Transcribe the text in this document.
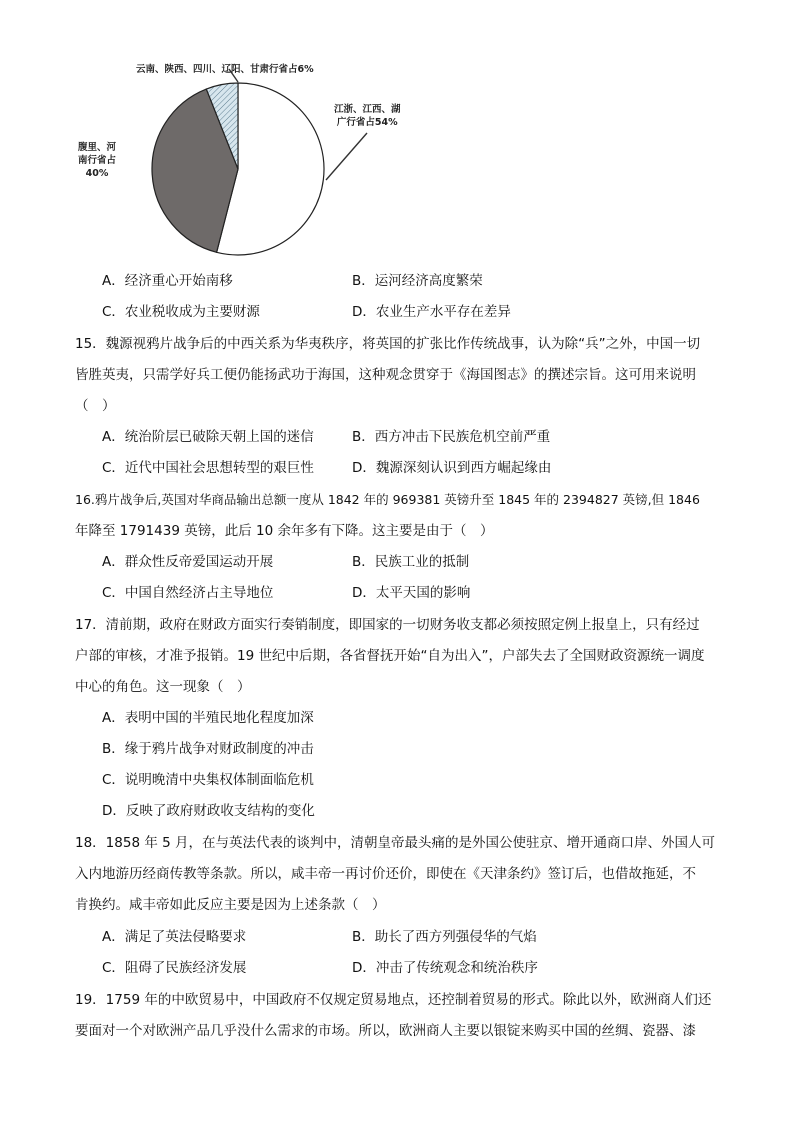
云南、陕西、四川、辽阳、甘肃行省占6%
江浙、江西、湖
广行省占54%
腹里、河
南行省占
40%
A．经济重心开始南移	B．运河经济高度繁荣
C．农业税收成为主要财源	D．农业生产水平存在差异
15．魏源视鸦片战争后的中西关系为华夷秩序，将英国的扩张比作传统战事，认为除“兵”之外，中国一切
皆胜英夷，只需学好兵工便仍能扬武功于海国，这种观念贯穿于《海国图志》的撰述宗旨。这可用来说明
（　）
A．统治阶层已破除天朝上国的迷信	B．西方冲击下民族危机空前严重
C．近代中国社会思想转型的艰巨性	D．魏源深刻认识到西方崛起缘由
16.鸦片战争后,英国对华商品输出总额一度从 1842 年的 969381 英镑升至 1845 年的 2394827 英镑,但 1846
年降至 1791439 英镑，此后 10 余年多有下降。这主要是由于（　）
A．群众性反帝爱国运动开展	B．民族工业的抵制
C．中国自然经济占主导地位	D．太平天国的影响
17．清前期，政府在财政方面实行奏销制度，即国家的一切财务收支都必须按照定例上报皇上，只有经过
户部的审核，才准予报销。19 世纪中后期，各省督抚开始“自为出入”，户部失去了全国财政资源统一调度
中心的角色。这一现象（　）
A．表明中国的半殖民地化程度加深
B．缘于鸦片战争对财政制度的冲击
C．说明晚清中央集权体制面临危机
D．反映了政府财政收支结构的变化
18．1858 年 5 月，在与英法代表的谈判中，清朝皇帝最头痛的是外国公使驻京、增开通商口岸、外国人可
入内地游历经商传教等条款。所以，咸丰帝一再讨价还价，即使在《天津条约》签订后，也借故拖延，不
肯换约。咸丰帝如此反应主要是因为上述条款（　）
A．满足了英法侵略要求	B．助长了西方列强侵华的气焰
C．阻碍了民族经济发展	D．冲击了传统观念和统治秩序
19．1759 年的中欧贸易中，中国政府不仅规定贸易地点，还控制着贸易的形式。除此以外，欧洲商人们还
要面对一个对欧洲产品几乎没什么需求的市场。所以，欧洲商人主要以银锭来购买中国的丝绸、瓷器、漆
